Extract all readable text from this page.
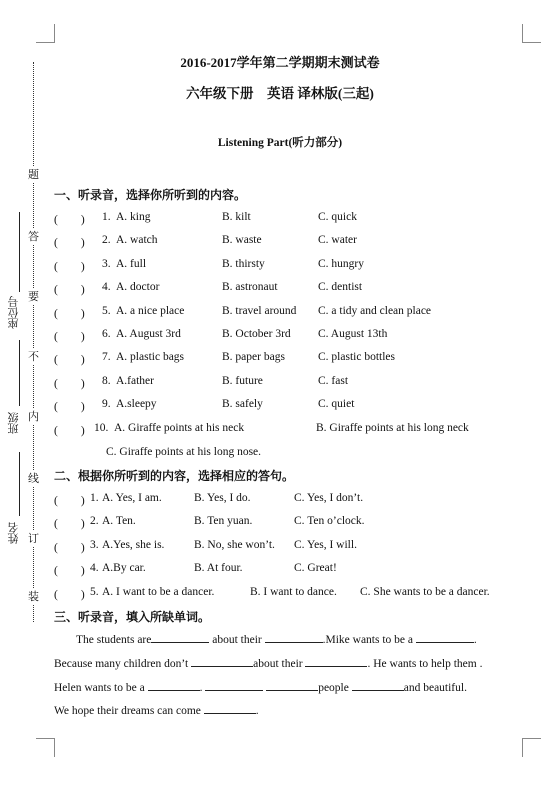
题
答
要
不
内
线
订
装
座位号
班级
姓名
2016-2017学年第二学期期末测试卷
六年级下册　英语 译林版(三起)
Listening Part(听力部分)
一、听录音，选择你所听到的内容。
(　　) 1. A. king	B. kilt	C. quick
(　　) 2. A. watch	B. waste	C. water
(　　) 3. A. full	B. thirsty	C. hungry
(　　) 4. A. doctor	B. astronaut	C. dentist
(　　) 5. A. a nice place	B. travel around C. a tidy and clean place
(　　) 6. A. August 3rd	B. October 3rd C. August 13th
(　　) 7. A. plastic bags	B. paper bags	C. plastic bottles
(　　) 8. A.father	B. future	C. fast
(　　) 9. A.sleepy	B. safely	C. quiet
(　　) 10. A. Giraffe points at his neck	B. Giraffe points at his long neck
C. Giraffe points at his long nose.
二、根据你所听到的内容，选择相应的答句。
(　　) 1. A. Yes, I am.	B. Yes, I do.	C. Yes, I don’t.
(　　) 2. A. Ten.	B. Ten yuan.	C. Ten o’clock.
(　　) 3. A.Yes, she is.	B. No, she won’t. C. Yes, I will.
(　　) 4. A.By car.	B. At four.	C. Great!
(　　) 5. A. I want to be a dancer.	B. I want to dance. C. She wants to be a dancer.
三、听录音，填入所缺单词。
The students are	about their	.Mike wants to be a	.
Because many children don’t	about their	. He wants to help them .
Helen wants to be a	.	people	and beautiful.
We hope their dreams can come	.
